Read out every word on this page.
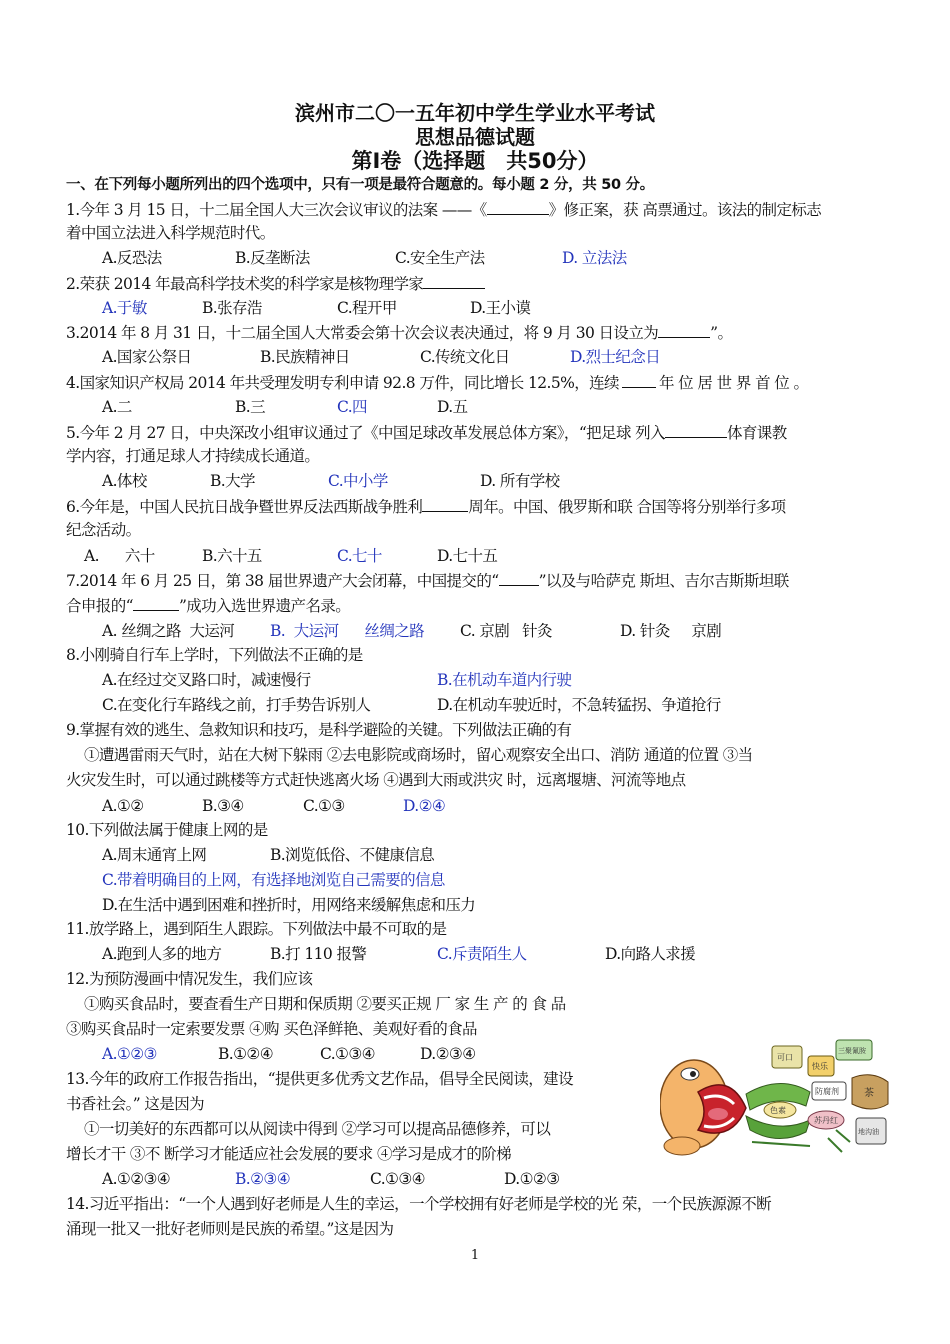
滨州市二〇一五年初中学生学业水平考试
思想品德试题
第Ⅰ卷（选择题　共50分）
一、在下列每小题所列出的四个选项中，只有一项是最符合题意的。每小题 2 分，共 50 分。
1.今年 3 月 15 日，十二届全国人大三次会议审议的法案 ——《	》修正案，获 高票通过。该法的制定标志
着中国立法进入科学规范时代。
A.反恐法	B.反垄断法	C.安全生产法	D. 立法法
2.荣获 2014 年最高科学技术奖的科学家是核物理学家
A.于敏	B.张存浩	C.程开甲	D.王小谟
3.2014 年 8 月 31 日，十二届全国人大常委会第十次会议表决通过，将 9 月 30 日设立为	”。
A.国家公祭日	B.民族精神日	C.传统文化日	D.烈士纪念日
4.国家知识产权局 2014 年共受理发明专利申请 92.8 万件，同比增长 12.5%，连续	年 位 居 世 界 首 位 。
A.二	B.三	C.四	D.五
5.今年 2 月 27 日，中央深改小组审议通过了《中国足球改革发展总体方案》，“把足球 列入	体育课教
学内容，打通足球人才持续成长通道。
A.体校	B.大学	C.中小学	D. 所有学校
6.今年是，中国人民抗日战争暨世界反法西斯战争胜利	周年。中国、俄罗斯和联 合国等将分别举行多项
纪念活动。
A.      六十	B.六十五	C.七十	D.七十五
7.2014 年 6 月 25 日，第 38 届世界遗产大会闭幕，中国提交的“	”以及与哈萨克 斯坦、吉尔吉斯斯坦联
合申报的“	”成功入选世界遗产名录。
A. 丝绸之路  大运河 B.  大运河      丝绸之路 C. 京剧   针灸	D. 针灸     京剧
8.小刚骑自行车上学时，下列做法不正确的是
A.在经过交叉路口时，减速慢行	B.在机动车道内行驶
C.在变化行车路线之前，打手势告诉别人	D.在机动车驶近时，不急转猛拐、争道抢行
9.掌握有效的逃生、急救知识和技巧，是科学避险的关键。下列做法正确的有
①遭遇雷雨天气时，站在大树下躲雨 ②去电影院或商场时，留心观察安全出口、消防 通道的位置 ③当
火灾发生时，可以通过跳楼等方式赶快逃离火场 ④遇到大雨或洪灾 时，远离堰塘、河流等地点
A.①②	B.③④	C.①③	D.②④
10.下列做法属于健康上网的是
A.周末通宵上网	B.浏览低俗、不健康信息
C.带着明确目的上网，有选择地浏览自己需要的信息
D.在生活中遇到困难和挫折时，用网络来缓解焦虑和压力
11.放学路上，遇到陌生人跟踪。下列做法中最不可取的是
A.跑到人多的地方	B.打 110 报警	C.斥责陌生人	D.向路人求援
12.为预防漫画中情况发生，我们应该
①购买食品时，要查看生产日期和保质期 ②要买正规 厂 家 生 产 的 食 品
③购买食品时一定索要发票 ④购 买色泽鲜艳、美观好看的食品
A.①②③	B.①②④	C.①③④	D.②③④
13.今年的政府工作报告指出，“提供更多优秀文艺作品，倡导全民阅读，建设
书香社会。” 这是因为
①一切美好的东西都可以从阅读中得到 ②学习可以提高品德修养，可以
增长才干 ③不 断学习才能适应社会发展的要求 ④学习是成才的阶梯
A.①②③④	B.②③④	C.①③④	D.①②③
14.习近平指出：“一个人遇到好老师是人生的幸运，一个学校拥有好老师是学校的光 荣，一个民族源源不断
涌现一批又一批好老师则是民族的希望。”这是因为
可口
快乐
色素
防腐剂
三聚氰胺
苏丹红
茶
地沟油
1
